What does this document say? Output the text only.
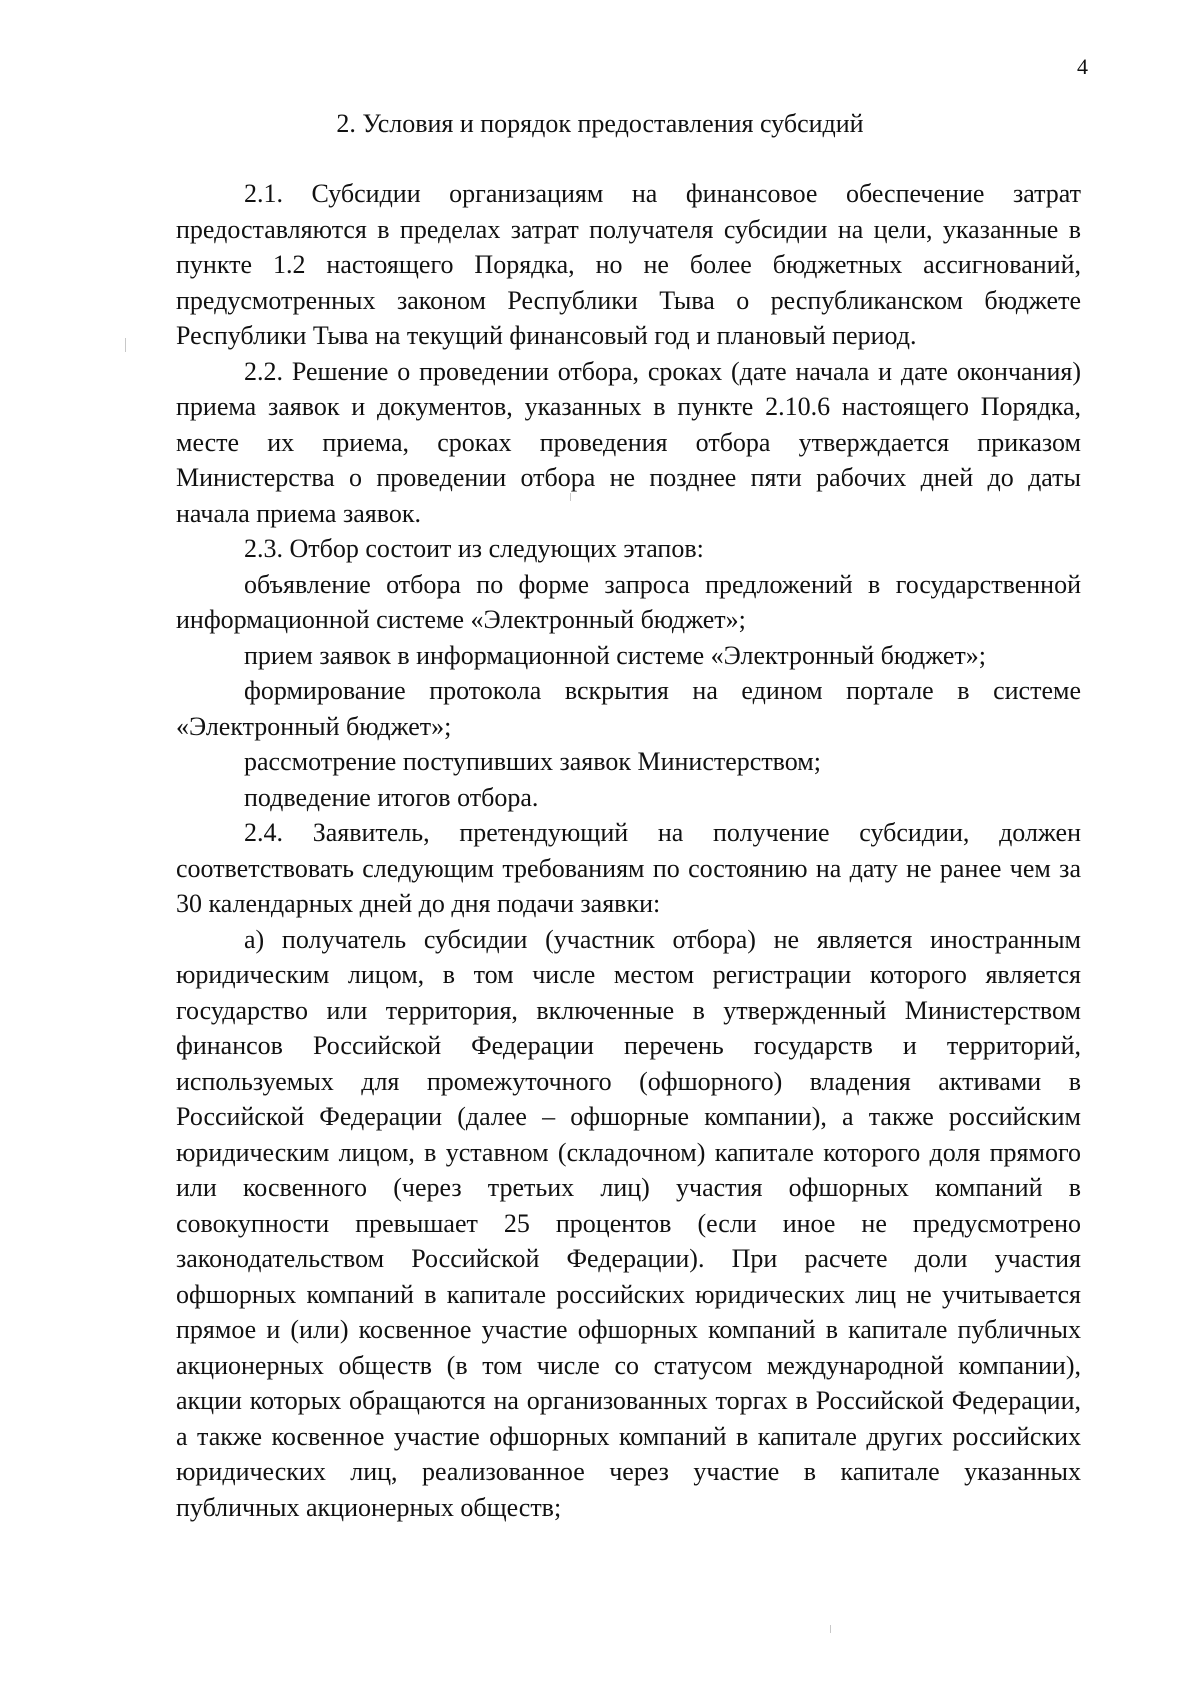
4
2. Условия и порядок предоставления субсидий

2.1. Субсидии организациям на финансовое обеспечение затрат предоставляются в пределах затрат получателя субсидии на цели, указанные в пункте 1.2 настоящего Порядка, но не более бюджетных ассигнований, предусмотренных законом Республики Тыва о республиканском бюджете Республики Тыва на текущий финансовый год и плановый период.

2.2. Решение о проведении отбора, сроках (дате начала и дате окончания) приема заявок и документов, указанных в пункте 2.10.6 настоящего Порядка, месте их приема, сроках проведения отбора утверждается приказом Министерства о проведении отбора не позднее пяти рабочих дней до даты начала приема заявок.

2.3. Отбор состоит из следующих этапов:

объявление отбора по форме запроса предложений в государственной информационной системе «Электронный бюджет»;

прием заявок в информационной системе «Электронный бюджет»;

формирование протокола вскрытия на едином портале в системе «Электронный бюджет»;

рассмотрение поступивших заявок Министерством;

подведение итогов отбора.

2.4. Заявитель, претендующий на получение субсидии, должен соответствовать следующим требованиям по состоянию на дату не ранее чем за 30 календарных дней до дня подачи заявки:

а) получатель субсидии (участник отбора) не является иностранным юридическим лицом, в том числе местом регистрации которого является государство или территория, включенные в утвержденный Министерством финансов Российской Федерации перечень государств и территорий, используемых для промежуточного (офшорного) владения активами в Российской Федерации (далее – офшорные компании), а также российским юридическим лицом, в уставном (складочном) капитале которого доля прямого или косвенного (через третьих лиц) участия офшорных компаний в совокупности превышает 25 процентов (если иное не предусмотрено законодательством Российской Федерации). При расчете доли участия офшорных компаний в капитале российских юридических лиц не учитывается прямое и (или) косвенное участие офшорных компаний в капитале публичных акционерных обществ (в том числе со статусом международной компании), акции которых обращаются на организованных торгах в Российской Федерации, а также косвенное участие офшорных компаний в капитале других российских юридических лиц, реализованное через участие в капитале указанных публичных акционерных обществ;
